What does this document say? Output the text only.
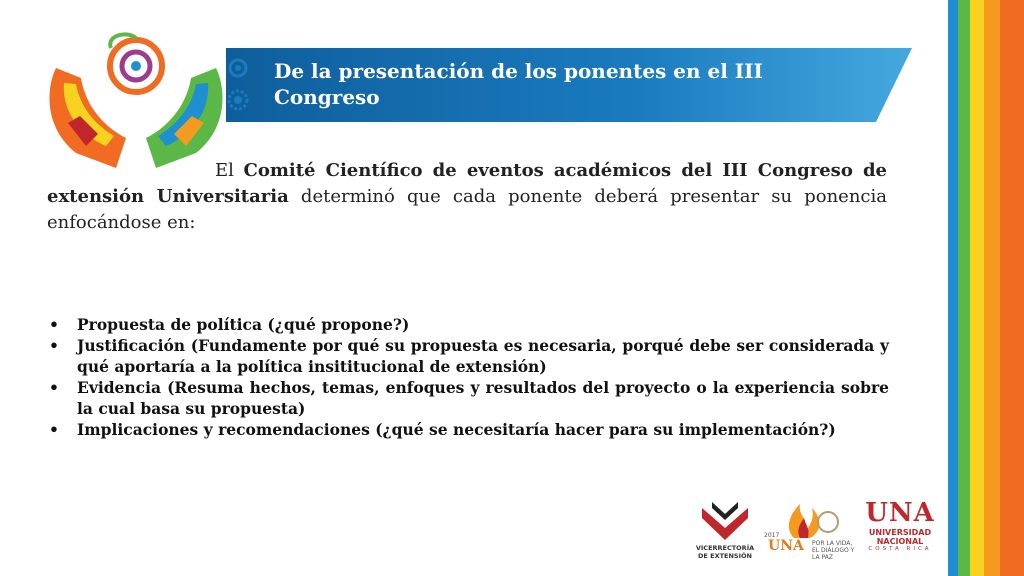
De la presentación de los ponentes en el III Congreso
El Comité Científico de eventos académicos del III Congreso de extensión Universitaria determinó que cada ponente deberá presentar su ponencia enfocándose en:
• Propuesta de política (¿qué propone?)
• Justificación (Fundamente por qué su propuesta es necesaria, porqué debe ser considerada y qué aportaría a la política insititucional de extensión)
• Evidencia (Resuma hechos, temas, enfoques y resultados del proyecto o la experiencia sobre la cual basa su propuesta)
• Implicaciones y recomendaciones (¿qué se necesitaría hacer para su implementación?)
VICERRECTORÍA DE EXTENSIÓN
UNA POR LA VIDA, EL DIÁLOGO Y LA PAZ
2017
UNA
UNIVERSIDAD
NACIONAL
COSTA RICA
